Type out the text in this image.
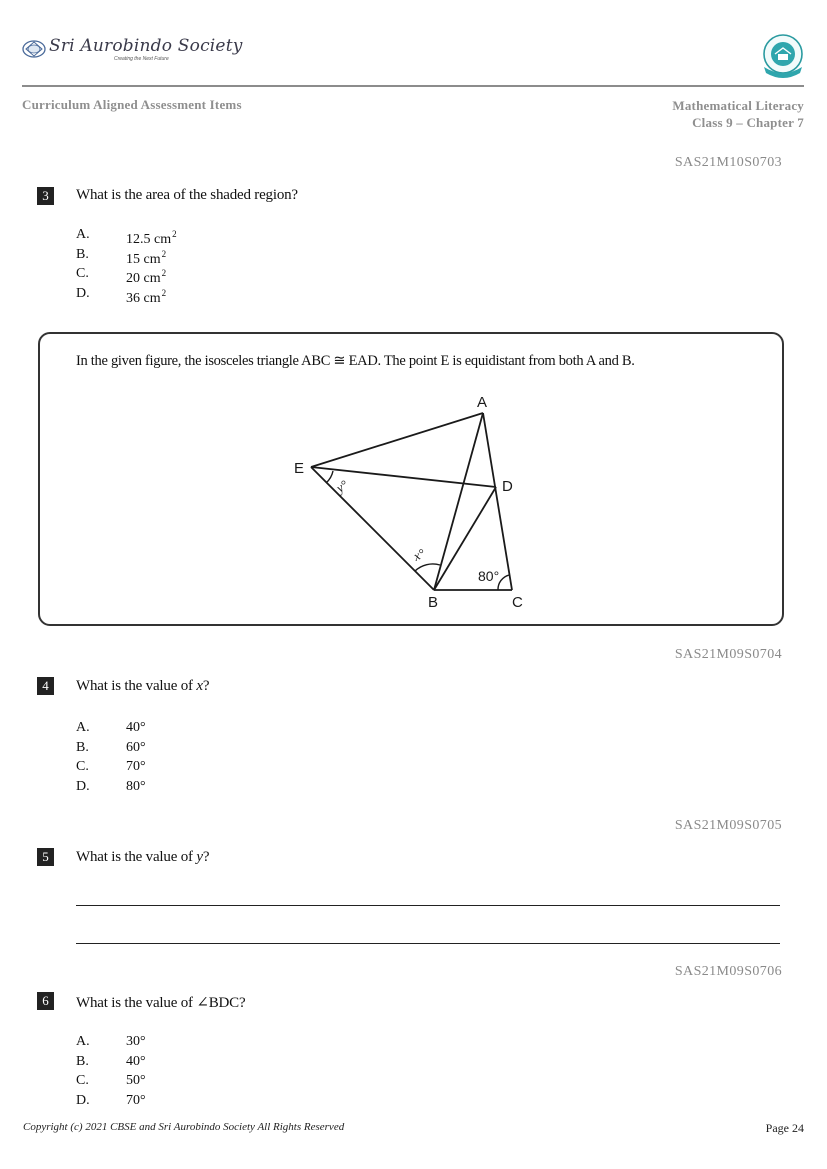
Sri Aurobindo Society
Creating the Next Future
Curriculum Aligned Assessment Items	Mathematical Literacy
Class 9 – Chapter 7
SAS21M10S0703
3	What is the area of the shaded region?
A.	12.5 $cm^2$
B.	15 $cm^2$
C.	20 $cm^2$
D.	36 $cm^2$
In the given figure, the isosceles triangle ABC ≅ EAD. The point E is equidistant from both A and B.
A
B	C
D
E
80°
y°
x°
SAS21M09S0704
4	What is the value of x?
A.	40°
B.	60°
C.	70°
D.	80°
SAS21M09S0705
5	What is the value of y?
SAS21M09S0706
6	What is the value of ∠BDC?
A.	30°
B.	40°
C.	50°
D.	70°
Copyright (c) 2021 CBSE and Sri Aurobindo Society All Rights Reserved	Page 24
